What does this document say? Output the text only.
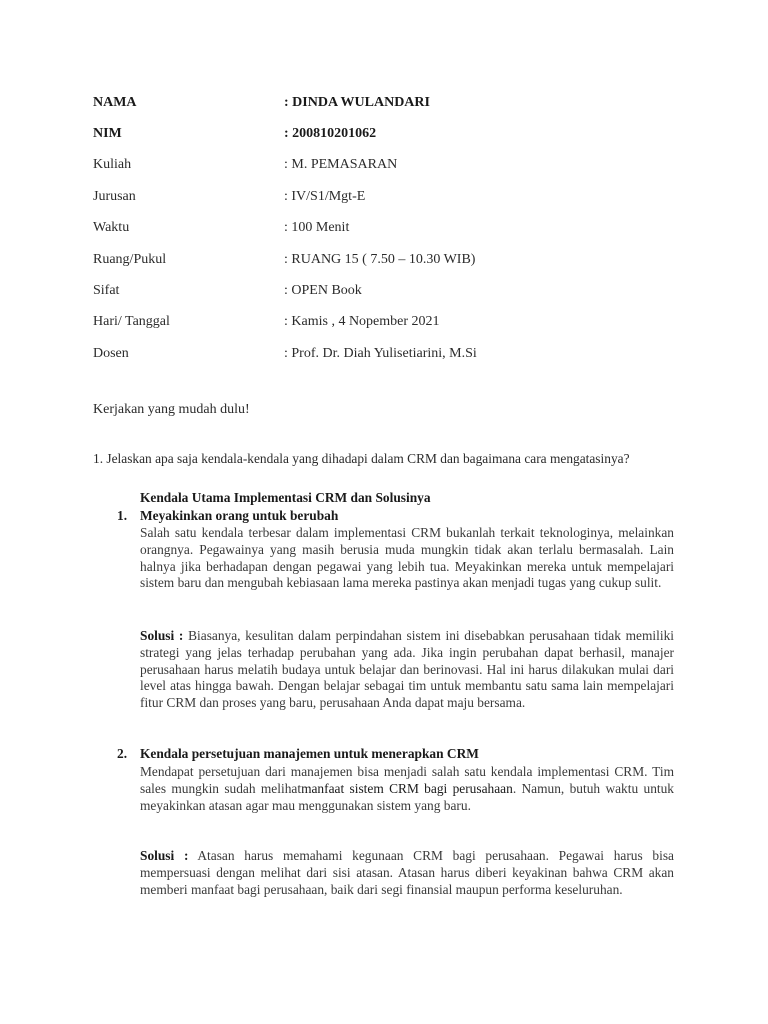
NAMA	: DINDA WULANDARI
NIM	: 200810201062
Kuliah	: M. PEMASARAN
Jurusan	: IV/S1/Mgt-E
Waktu	: 100 Menit
Ruang/Pukul	: RUANG 15 ( 7.50 – 10.30 WIB)
Sifat	: OPEN Book
Hari/ Tanggal	: Kamis , 4 Nopember 2021
Dosen	: Prof. Dr. Diah Yulisetiarini, M.Si
Kerjakan yang mudah dulu!
1. Jelaskan apa saja kendala-kendala yang dihadapi dalam CRM dan bagaimana cara mengatasinya?
Kendala Utama Implementasi CRM dan Solusinya
1. Meyakinkan orang untuk berubah
Salah satu kendala terbesar dalam implementasi CRM bukanlah terkait teknologinya, melainkan orangnya. Pegawainya yang masih berusia muda mungkin tidak akan terlalu bermasalah. Lain halnya jika berhadapan dengan pegawai yang lebih tua. Meyakinkan mereka untuk mempelajari sistem baru dan mengubah kebiasaan lama mereka pastinya akan menjadi tugas yang cukup sulit.
Solusi : Biasanya, kesulitan dalam perpindahan sistem ini disebabkan perusahaan tidak memiliki strategi yang jelas terhadap perubahan yang ada. Jika ingin perubahan dapat berhasil, manajer perusahaan harus melatih budaya untuk belajar dan berinovasi. Hal ini harus dilakukan mulai dari level atas hingga bawah. Dengan belajar sebagai tim untuk membantu satu sama lain mempelajari fitur CRM dan proses yang baru, perusahaan Anda dapat maju bersama.
2. Kendala persetujuan manajemen untuk menerapkan CRM
Mendapat persetujuan dari manajemen bisa menjadi salah satu kendala implementasi CRM. Tim sales mungkin sudah melihatmanfaat sistem CRM bagi perusahaan. Namun, butuh waktu untuk meyakinkan atasan agar mau menggunakan sistem yang baru.
Solusi : Atasan harus memahami kegunaan CRM bagi perusahaan. Pegawai harus bisa mempersuasi dengan melihat dari sisi atasan. Atasan harus diberi keyakinan bahwa CRM akan memberi manfaat bagi perusahaan, baik dari segi finansial maupun performa keseluruhan.
